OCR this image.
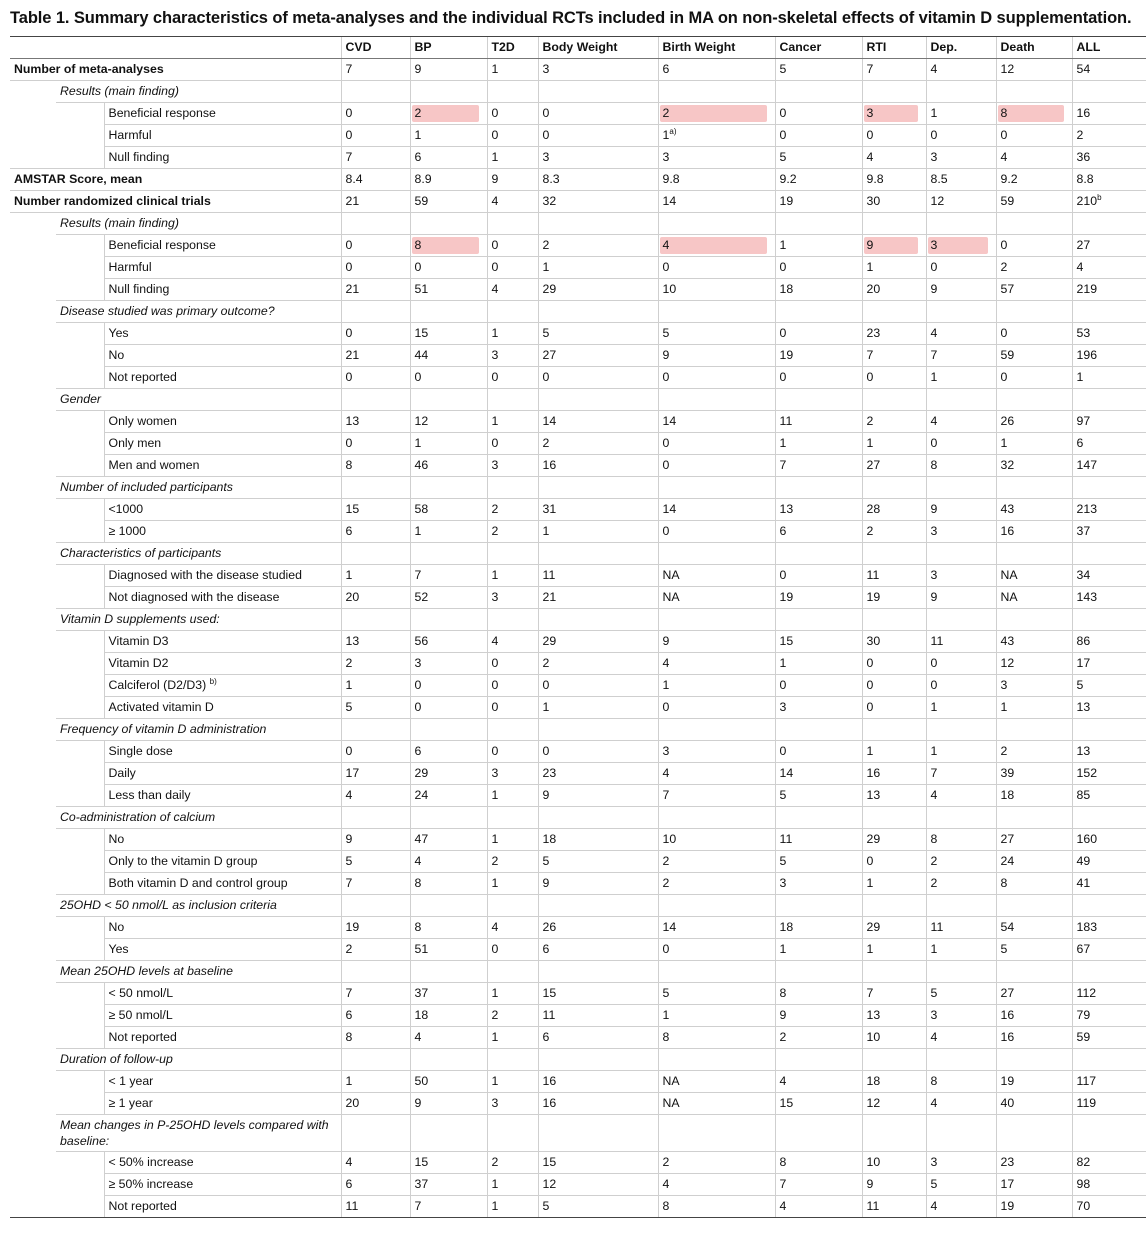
Table 1. Summary characteristics of meta-analyses and the individual RCTs included in MA on non-skeletal effects of vitamin D supplementation.
			CVD	BP	T2D	Body Weight	Birth Weight	Cancer	RTI	Dep.	Death	ALL
Number of meta-analyses			7	9	1	3	6	5	7	4	12	54
	Results (main finding)											
		Beneficial response	0	2	0	0	2	0	3	1	8	16
		Harmful	0	1	0	0	1$^{a)}$	0	0	0	0	2
		Null finding	7	6	1	3	3	5	4	3	4	36
AMSTAR Score, mean			8.4	8.9	9	8.3	9.8	9.2	9.8	8.5	9.2	8.8
Number randomized clinical trials			21	59	4	32	14	19	30	12	59	210$^b$
	Results (main finding)											
		Beneficial response	0	8	0	2	4	1	9	3	0	27
		Harmful	0	0	0	1	0	0	1	0	2	4
		Null finding	21	51	4	29	10	18	20	9	57	219
	Disease studied was primary outcome?											
		Yes	0	15	1	5	5	0	23	4	0	53
		No	21	44	3	27	9	19	7	7	59	196
		Not reported	0	0	0	0	0	0	0	1	0	1
	Gender											
		Only women	13	12	1	14	14	11	2	4	26	97
		Only men	0	1	0	2	0	1	1	0	1	6
		Men and women	8	46	3	16	0	7	27	8	32	147
	Number of included participants											
		<1000	15	58	2	31	14	13	28	9	43	213
		≥ 1000	6	1	2	1	0	6	2	3	16	37
	Characteristics of participants											
		Diagnosed with the disease studied	1	7	1	11	NA	0	11	3	NA	34
		Not diagnosed with the disease	20	52	3	21	NA	19	19	9	NA	143
	Vitamin D supplements used:											
		Vitamin D3	13	56	4	29	9	15	30	11	43	86
		Vitamin D2	2	3	0	2	4	1	0	0	12	17
		Calciferol (D2/D3) $^{b)}$	1	0	0	0	1	0	0	0	3	5
		Activated vitamin D	5	0	0	1	0	3	0	1	1	13
	Frequency of vitamin D administration											
		Single dose	0	6	0	0	3	0	1	1	2	13
		Daily	17	29	3	23	4	14	16	7	39	152
		Less than daily	4	24	1	9	7	5	13	4	18	85
	Co-administration of calcium											
		No	9	47	1	18	10	11	29	8	27	160
		Only to the vitamin D group	5	4	2	5	2	5	0	2	24	49
		Both vitamin D and control group	7	8	1	9	2	3	1	2	8	41
	25OHD < 50 nmol/L as inclusion criteria											
		No	19	8	4	26	14	18	29	11	54	183
		Yes	2	51	0	6	0	1	1	1	5	67
	Mean 25OHD levels at baseline											
		< 50 nmol/L	7	37	1	15	5	8	7	5	27	112
		≥ 50 nmol/L	6	18	2	11	1	9	13	3	16	79
		Not reported	8	4	1	6	8	2	10	4	16	59
	Duration of follow-up											
		< 1 year	1	50	1	16	NA	4	18	8	19	117
		≥ 1 year	20	9	3	16	NA	15	12	4	40	119
	Mean changes in P-25OHD levels compared with baseline:											
		< 50% increase	4	15	2	15	2	8	10	3	23	82
		≥ 50% increase	6	37	1	12	4	7	9	5	17	98
		Not reported	11	7	1	5	8	4	11	4	19	70
